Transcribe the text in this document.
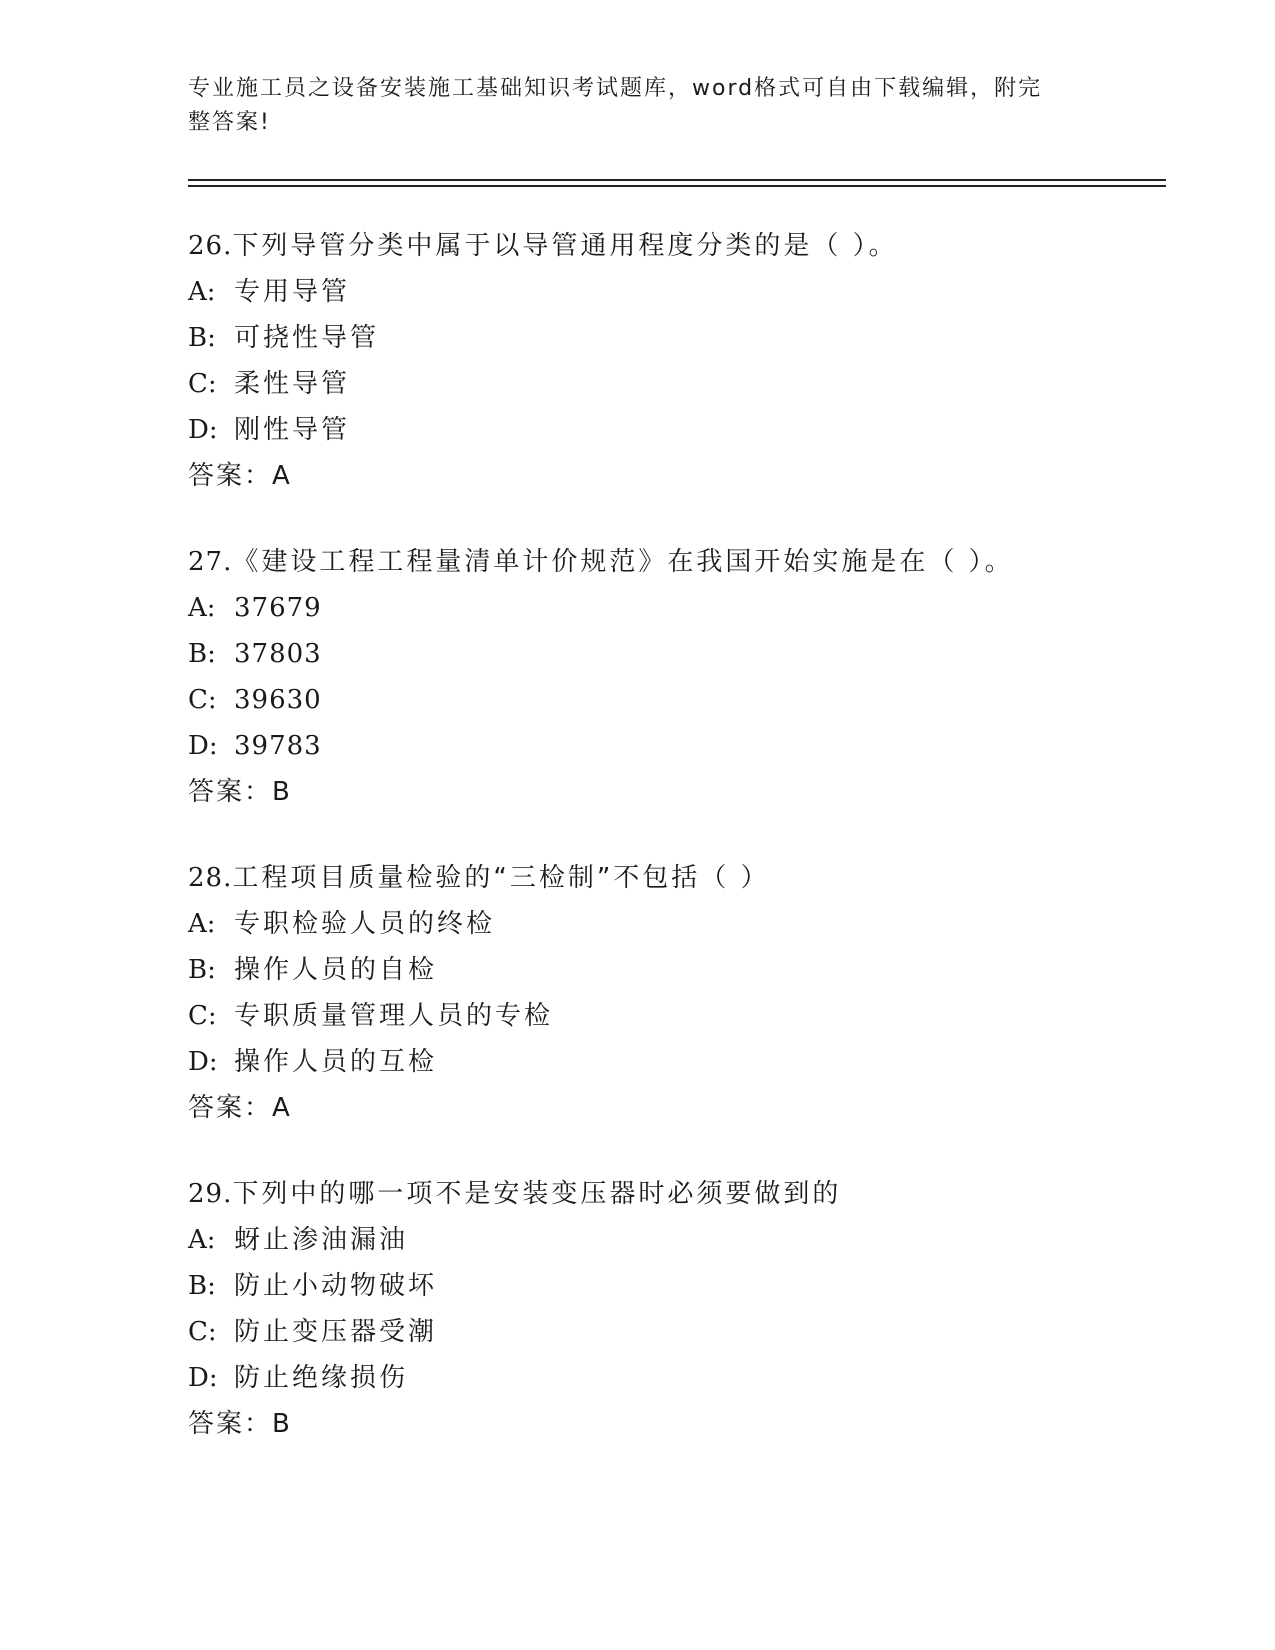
专业施工员之设备安装施工基础知识考试题库，word格式可自由下载编辑，附完
整答案!
26.下列导管分类中属于以导管通用程度分类的是（ ）。
A: 专用导管
B: 可挠性导管
C: 柔性导管
D: 刚性导管
答案：A
27.《建设工程工程量清单计价规范》在我国开始实施是在（ ）。
A: 37679
B: 37803
C: 39630
D: 39783
答案：B
28.工程项目质量检验的“三检制”不包括（ ）
A: 专职检验人员的终检
B: 操作人员的自检
C: 专职质量管理人员的专检
D: 操作人员的互检
答案：A
29.下列中的哪一项不是安装变压器时必须要做到的
A: 蚜止渗油漏油
B: 防止小动物破坏
C: 防止变压器受潮
D: 防止绝缘损伤
答案：B
